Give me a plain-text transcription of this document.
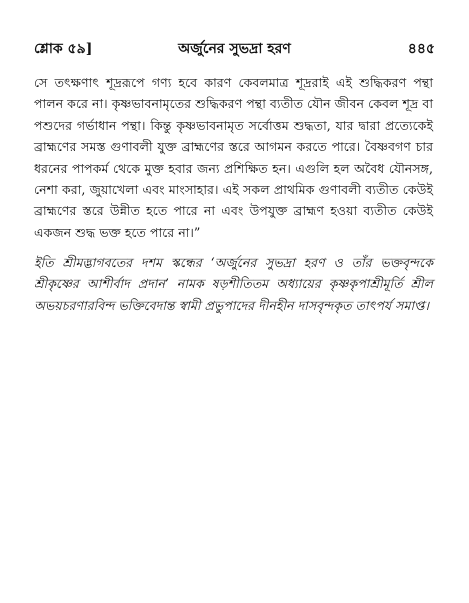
শ্লোক ৫৯]	অর্জুনের সুভদ্রা হরণ	৪৪৫

সে তৎক্ষণাৎ শূদ্ররূপে গণ্য হবে কারণ কেবলমাত্র শূদ্ররাই এই শুদ্ধিকরণ পন্থা পালন করে না। কৃষ্ণভাবনামৃতের শুদ্ধিকরণ পন্থা ব্যতীত যৌন জীবন কেবল শূদ্র বা পশুদের গর্ভাধান পন্থা। কিন্তু কৃষ্ণভাবনামৃত সর্বোত্তম শুদ্ধতা, যার দ্বারা প্রত্যেকেই ব্রাহ্মণের সমস্ত গুণাবলী যুক্ত ব্রাহ্মণের স্তরে আগমন করতে পারে। বৈষ্ণবগণ চার ধরনের পাপকর্ম থেকে মুক্ত হবার জন্য প্রশিক্ষিত হন। এগুলি হল অবৈধ যৌনসঙ্গ, নেশা করা, জুয়াখেলা এবং মাংসাহার। এই সকল প্রাথমিক গুণাবলী ব্যতীত কেউই ব্রাহ্মণের স্তরে উন্নীত হতে পারে না এবং উপযুক্ত ব্রাহ্মণ হওয়া ব্যতীত কেউই একজন শুদ্ধ ভক্ত হতে পারে না।”

ইতি শ্রীমদ্ভাগবতের দশম স্কন্ধের ‘অর্জুনের সুভদ্রা হরণ ও তাঁর ভক্তবৃন্দকে শ্রীকৃষ্ণের আশীর্বাদ প্রদান’ নামক ষড়শীতিতম অধ্যায়ের কৃষ্ণকৃপাশ্রীমূর্তি শ্রীল অভয়চরণারবিন্দ ভক্তিবেদান্ত স্বামী প্রভুপাদের দীনহীন দাসবৃন্দকৃত তাৎপর্য সমাপ্ত।
